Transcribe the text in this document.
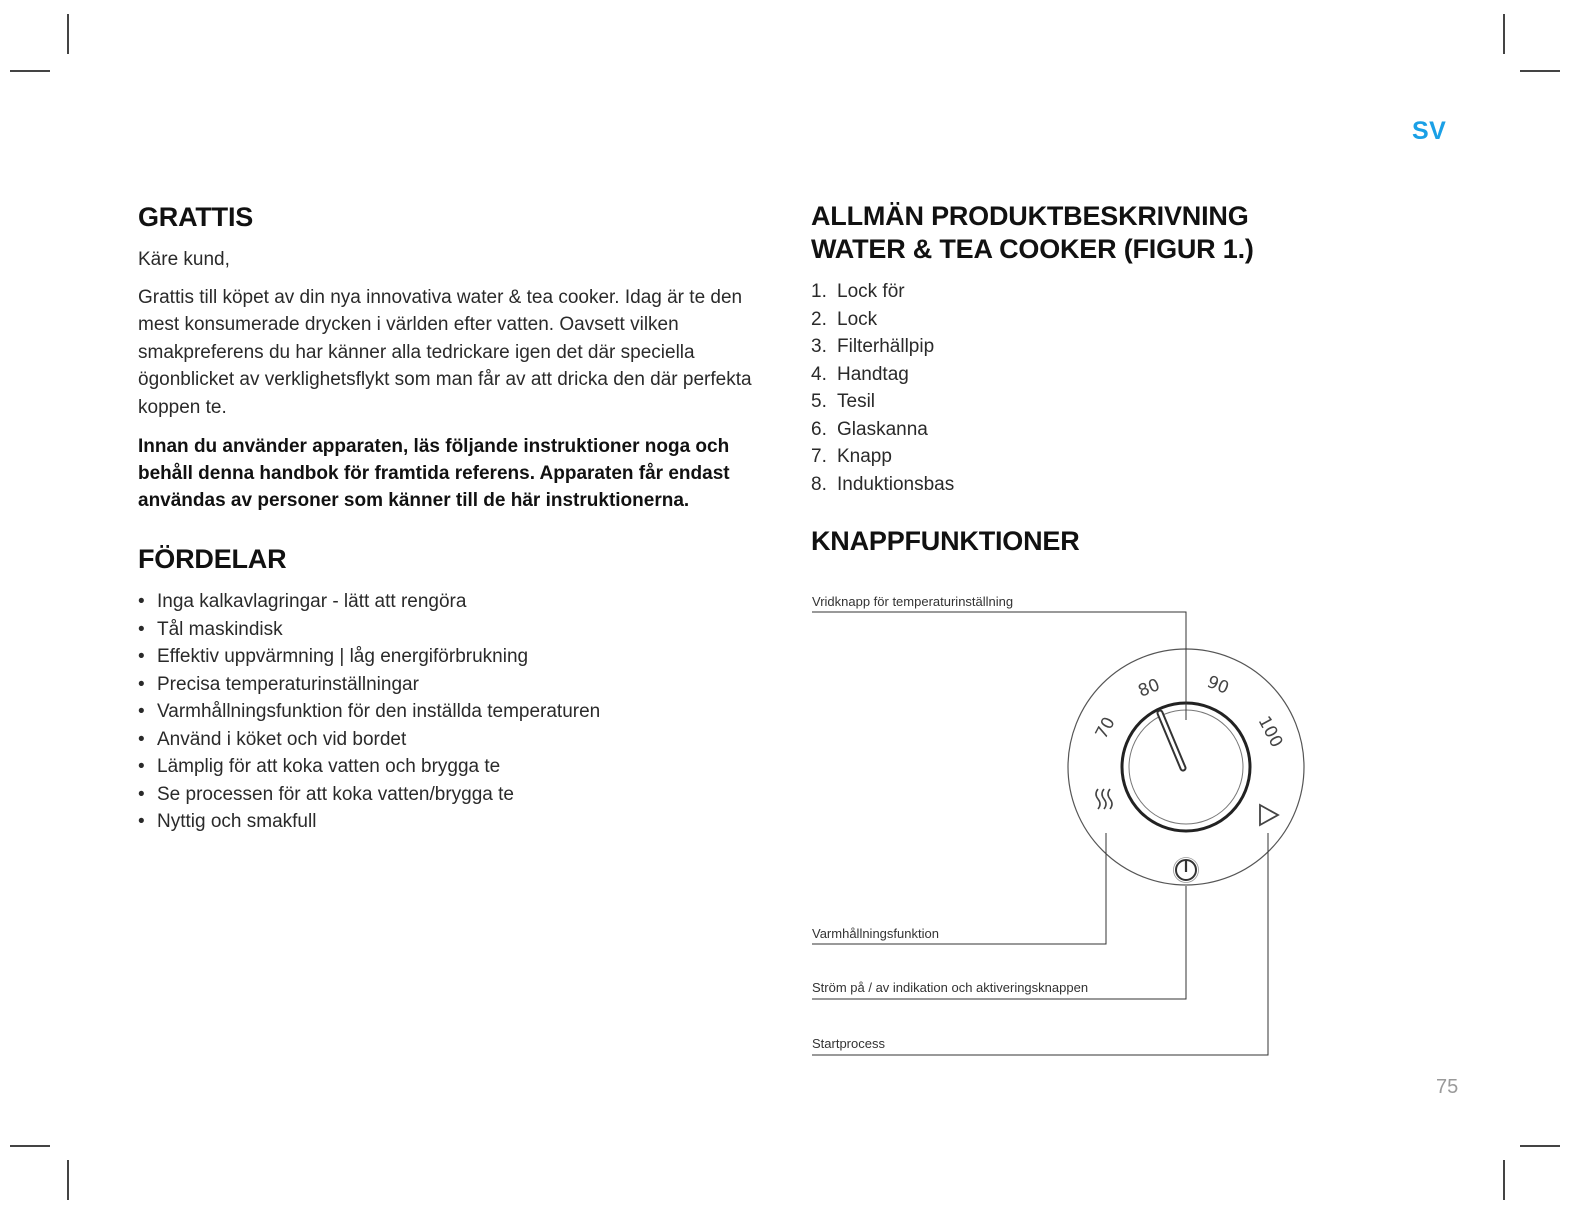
SV
GRATTIS

Käre kund,

Grattis till köpet av din nya innovativa water & tea cooker. Idag är te den mest konsumerade drycken i världen efter vatten. Oavsett vilken smakpreferens du har känner alla tedrickare igen det där speciella ögonblicket av verklighetsflykt som man får av att dricka den där perfekta koppen te.

Innan du använder apparaten, läs följande instruktioner noga och behåll denna handbok för framtida referens. Apparaten får endast användas av personer som känner till de här instruktionerna.

FÖRDELAR
• Inga kalkavlagringar - lätt att rengöra
• Tål maskindisk
• Effektiv uppvärmning | låg energiförbrukning
• Precisa temperaturinställningar
• Varmhållningsfunktion för den inställda temperaturen
• Använd i köket och vid bordet
• Lämplig för att koka vatten och brygga te
• Se processen för att koka vatten/brygga te
• Nyttig och smakfull
ALLMÄN PRODUKTBESKRIVNING
WATER & TEA COOKER (FIGUR 1.)
1. Lock för
2. Lock
3. Filterhällpip
4. Handtag
5. Tesil
6. Glaskanna
7. Knapp
8. Induktionsbas
KNAPPFUNKTIONER
70
80 90
100
Vridknapp för temperaturinställning
Varmhållningsfunktion
Ström på / av indikation och aktiveringsknappen
Startprocess
75
